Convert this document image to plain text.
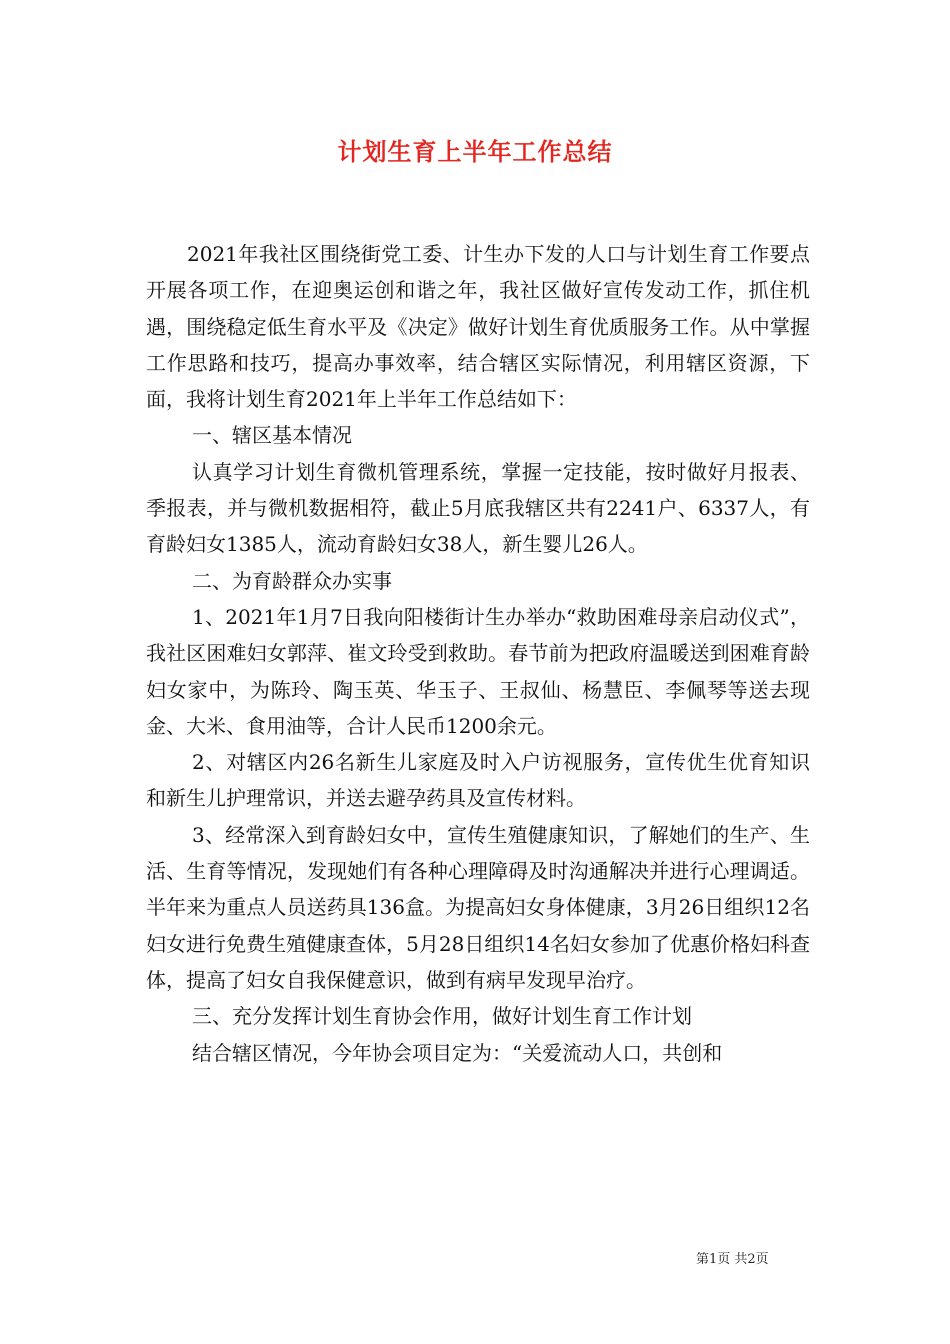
计划生育上半年工作总结

2021年我社区围绕街党工委、计生办下发的人口与计划生育工作要点开展各项工作，在迎奥运创和谐之年，我社区做好宣传发动工作，抓住机遇，围绕稳定低生育水平及《决定》做好计划生育优质服务工作。从中掌握工作思路和技巧，提高办事效率，结合辖区实际情况，利用辖区资源，下面，我将计划生育2021年上半年工作总结如下：

一、辖区基本情况

认真学习计划生育微机管理系统，掌握一定技能，按时做好月报表、季报表，并与微机数据相符，截止5月底我辖区共有2241户、6337人，有育龄妇女1385人，流动育龄妇女38人，新生婴儿26人。

二、为育龄群众办实事

1、2021年1月7日我向阳楼街计生办举办“救助困难母亲启动仪式”，我社区困难妇女郭萍、崔文玲受到救助。春节前为把政府温暖送到困难育龄妇女家中，为陈玲、陶玉英、华玉子、王叔仙、杨慧臣、李佩琴等送去现金、大米、食用油等，合计人民币1200余元。

2、对辖区内26名新生儿家庭及时入户访视服务，宣传优生优育知识和新生儿护理常识，并送去避孕药具及宣传材料。

3、经常深入到育龄妇女中，宣传生殖健康知识，了解她们的生产、生活、生育等情况，发现她们有各种心理障碍及时沟通解决并进行心理调适。半年来为重点人员送药具136盒。为提高妇女身体健康，3月26日组织12名妇女进行免费生殖健康查体，5月28日组织14名妇女参加了优惠价格妇科查体，提高了妇女自我保健意识，做到有病早发现早治疗。

三、充分发挥计划生育协会作用，做好计划生育工作计划

结合辖区情况，今年协会项目定为：“关爱流动人口，共创和

第1页 共2页
